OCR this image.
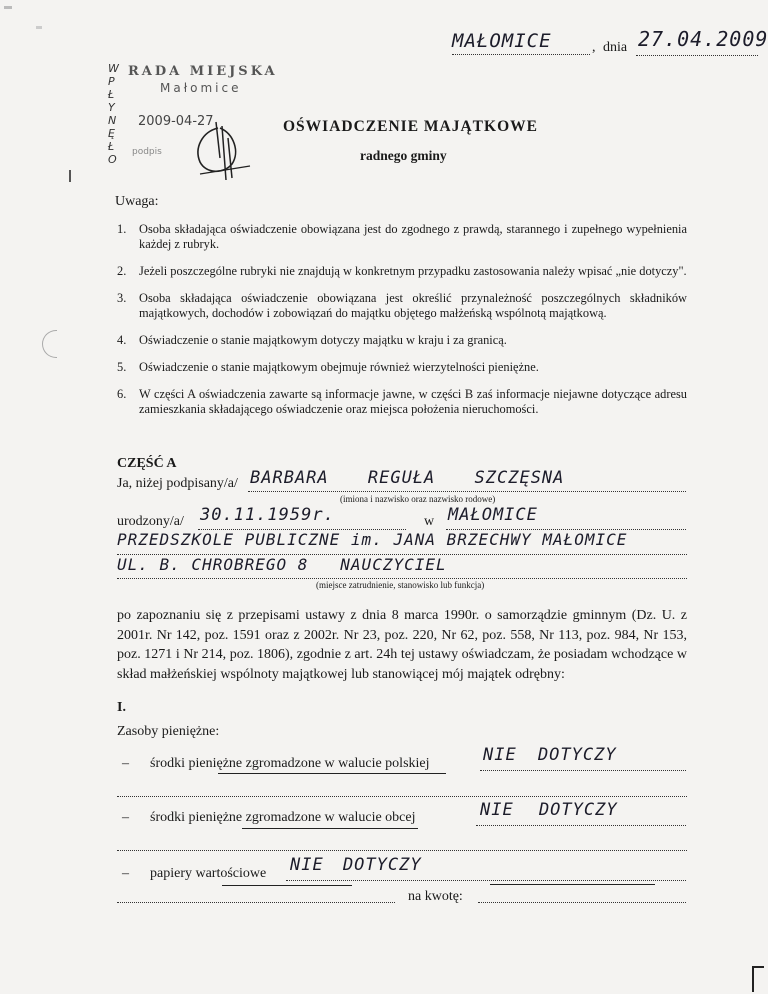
MAŁOMICE	, dnia 27.04.2009
RADA MIEJSKA
Małomice
WPŁYNĘŁO
2009-04-27
podpis
OŚWIADCZENIE MAJĄTKOWE
radnego gminy
Uwaga:
1.	Osoba składająca oświadczenie obowiązana jest do zgodnego z prawdą, starannego i zupełnego wypełnienia każdej z rubryk.
2.	Jeżeli poszczególne rubryki nie znajdują w konkretnym przypadku zastosowania należy wpisać „nie dotyczy".
3.	Osoba składająca oświadczenie obowiązana jest określić przynależność poszczególnych składników majątkowych, dochodów i zobowiązań do majątku objętego małżeńską wspólnotą majątkową.
4.	Oświadczenie o stanie majątkowym dotyczy majątku w kraju i za granicą.
5.	Oświadczenie o stanie majątkowym obejmuje również wierzytelności pieniężne.
6.	W części A oświadczenia zawarte są informacje jawne, w części B zaś informacje niejawne dotyczące adresu zamieszkania składającego oświadczenie oraz miejsca położenia nieruchomości.
CZĘŚĆ A
Ja, niżej podpisany/a/ BARBARA REGUŁA SZCZĘSNA
(imiona i nazwisko oraz nazwisko rodowe)
urodzony/a/ 30.11.1959r.	w MAŁOMICE
PRZEDSZKOLE PUBLICZNE im. JANA BRZECHWY MAŁOMICE
UL. B. CHROBREGO 8   NAUCZYCIEL
(miejsce zatrudnienie, stanowisko lub funkcja)
po zapoznaniu się z przepisami ustawy z dnia 8 marca 1990r. o samorządzie gminnym (Dz. U. z 2001r. Nr 142, poz. 1591 oraz z 2002r. Nr 23, poz. 220, Nr 62, poz. 558, Nr 113, poz. 984, Nr 153, poz. 1271 i Nr 214, poz. 1806), zgodnie z art. 24h tej ustawy oświadczam, że posiadam wchodzące w skład małżeńskiej wspólnoty majątkowej lub stanowiącej mój majątek odrębny:
I.
Zasoby pieniężne:
– środki pieniężne zgromadzone w walucie polskiej	NIE DOTYCZY
– środki pieniężne zgromadzone w walucie obcej	NIE DOTYCZY
– papiery wartościowe NIE DOTYCZY
na kwotę:
